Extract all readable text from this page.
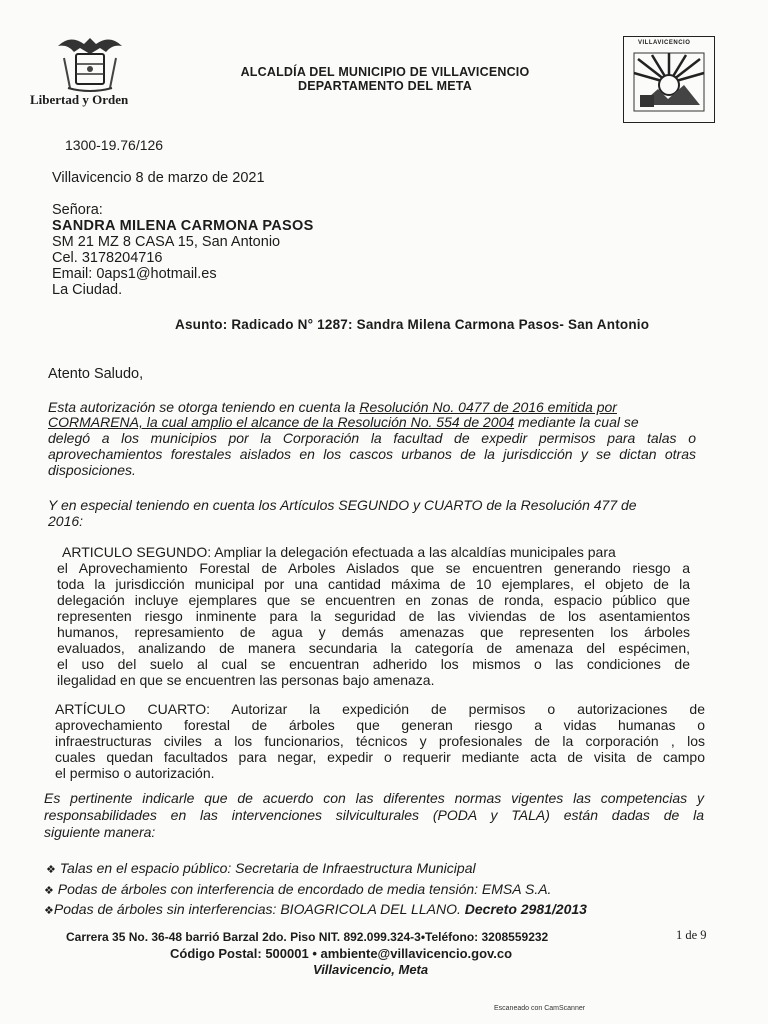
Libertad y Orden
ALCALDÍA DEL MUNICIPIO DE VILLAVICENCIO
DEPARTAMENTO DEL META
VILLAVICENCIO
1300-19.76/126
Villavicencio 8 de marzo de 2021
Señora:
SANDRA MILENA CARMONA PASOS
SM 21 MZ 8 CASA 15, San Antonio
Cel. 3178204716
Email: 0aps1@hotmail.es
La Ciudad.
Asunto: Radicado N° 1287: Sandra Milena Carmona Pasos- San Antonio
Atento Saludo,
Esta autorización se otorga teniendo en cuenta la Resolución No. 0477 de 2016 emitida por
CORMARENA, la cual amplio el alcance de la Resolución No. 554 de 2004 mediante la cual se
delegó a los municipios por la Corporación la facultad de expedir permisos para talas o
aprovechamientos forestales aislados en los cascos urbanos de la jurisdicción y se dictan otras
disposiciones.
Y en especial teniendo en cuenta los Artículos SEGUNDO y CUARTO de la Resolución 477 de
2016:
ARTICULO SEGUNDO: Ampliar la delegación efectuada a las alcaldías municipales para
el Aprovechamiento Forestal de Arboles Aislados que se encuentren generando riesgo a
toda la jurisdicción municipal por una cantidad máxima de 10 ejemplares, el objeto de la
delegación incluye ejemplares que se encuentren en zonas de ronda, espacio público que
representen riesgo inminente para la seguridad de las viviendas de los asentamientos
humanos, represamiento de agua y demás amenazas que representen los árboles
evaluados, analizando de manera secundaria la categoría de amenaza del espécimen,
el uso del suelo al cual se encuentran adherido los mismos o las condiciones de
ilegalidad en que se encuentren las personas bajo amenaza.
ARTÍCULO CUARTO: Autorizar la expedición de permisos o autorizaciones de
aprovechamiento forestal de árboles que generan riesgo a vidas humanas o
infraestructuras civiles a los funcionarios, técnicos y profesionales de la corporación , los
cuales quedan facultados para negar, expedir o requerir mediante acta de visita de campo
el permiso o autorización.
Es pertinente indicarle que de acuerdo con las diferentes normas vigentes las competencias y
responsabilidades en las intervenciones silviculturales (PODA y TALA) están dadas de la
siguiente manera:
❖ Talas en el espacio público: Secretaria de Infraestructura Municipal
❖ Podas de árboles con interferencia de encordado de media tensión: EMSA S.A.
❖Podas de árboles sin interferencias: BIOAGRICOLA DEL LLANO. Decreto 2981/2013
Carrera 35 No. 36-48 barrió Barzal 2do. Piso NIT. 892.099.324-3•Teléfono: 3208559232	1 de 9
Código Postal: 500001 • ambiente@villavicencio.gov.co
Villavicencio, Meta
Escaneado con CamScanner
